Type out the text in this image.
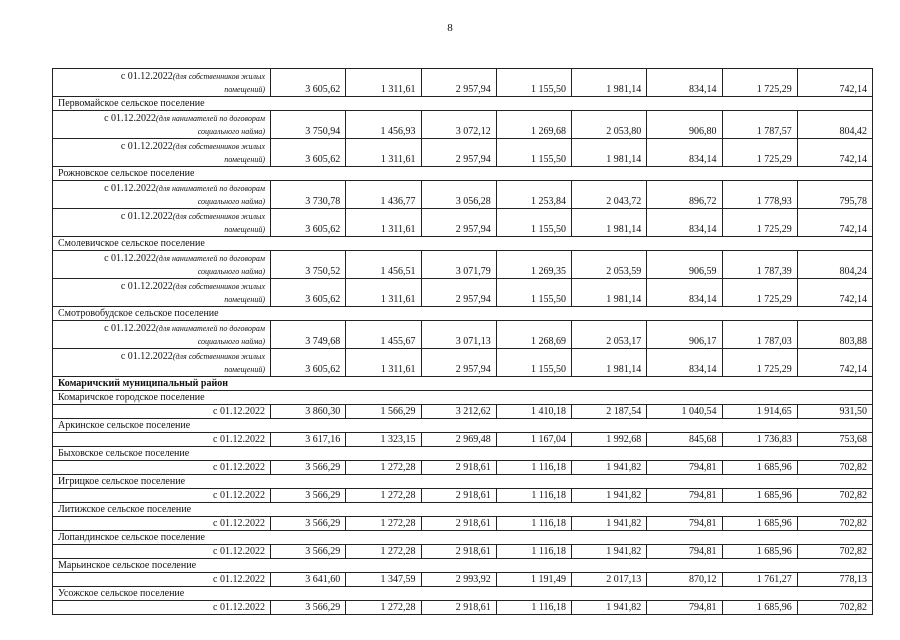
8
с 01.12.2022(для собственников жилых
помещений)	3 605,62	1 311,61	2 957,94	1 155,50	1 981,14	834,14	1 725,29	742,14
Первомайское сельское поселение								
с 01.12.2022(для нанимателей по договорам
социального найма)	3 750,94	1 456,93	3 072,12	1 269,68	2 053,80	906,80	1 787,57	804,42
с 01.12.2022(для собственников жилых
помещений)	3 605,62	1 311,61	2 957,94	1 155,50	1 981,14	834,14	1 725,29	742,14
Рожновское сельское поселение								
с 01.12.2022(для нанимателей по договорам
социального найма)	3 730,78	1 436,77	3 056,28	1 253,84	2 043,72	896,72	1 778,93	795,78
с 01.12.2022(для собственников жилых
помещений)	3 605,62	1 311,61	2 957,94	1 155,50	1 981,14	834,14	1 725,29	742,14
Смолевичское сельское поселение								
с 01.12.2022(для нанимателей по договорам
социального найма)	3 750,52	1 456,51	3 071,79	1 269,35	2 053,59	906,59	1 787,39	804,24
с 01.12.2022(для собственников жилых
помещений)	3 605,62	1 311,61	2 957,94	1 155,50	1 981,14	834,14	1 725,29	742,14
Смотровобудское сельское поселение								
с 01.12.2022(для нанимателей по договорам
социального найма)	3 749,68	1 455,67	3 071,13	1 268,69	2 053,17	906,17	1 787,03	803,88
с 01.12.2022(для собственников жилых
помещений)	3 605,62	1 311,61	2 957,94	1 155,50	1 981,14	834,14	1 725,29	742,14
Комаричский муниципальный район								
Комаричское городское поселение								
с 01.12.2022	3 860,30	1 566,29	3 212,62	1 410,18	2 187,54	1 040,54	1 914,65	931,50
Аркинское сельское поселение								
с 01.12.2022	3 617,16	1 323,15	2 969,48	1 167,04	1 992,68	845,68	1 736,83	753,68
Быховское сельское поселение								
с 01.12.2022	3 566,29	1 272,28	2 918,61	1 116,18	1 941,82	794,81	1 685,96	702,82
Игрицкое сельское поселение								
с 01.12.2022	3 566,29	1 272,28	2 918,61	1 116,18	1 941,82	794,81	1 685,96	702,82
Литижское сельское поселение								
с 01.12.2022	3 566,29	1 272,28	2 918,61	1 116,18	1 941,82	794,81	1 685,96	702,82
Лопандинское сельское поселение								
с 01.12.2022	3 566,29	1 272,28	2 918,61	1 116,18	1 941,82	794,81	1 685,96	702,82
Марьинское сельское поселение								
с 01.12.2022	3 641,60	1 347,59	2 993,92	1 191,49	2 017,13	870,12	1 761,27	778,13
Усожское сельское поселение								
с 01.12.2022	3 566,29	1 272,28	2 918,61	1 116,18	1 941,82	794,81	1 685,96	702,82
